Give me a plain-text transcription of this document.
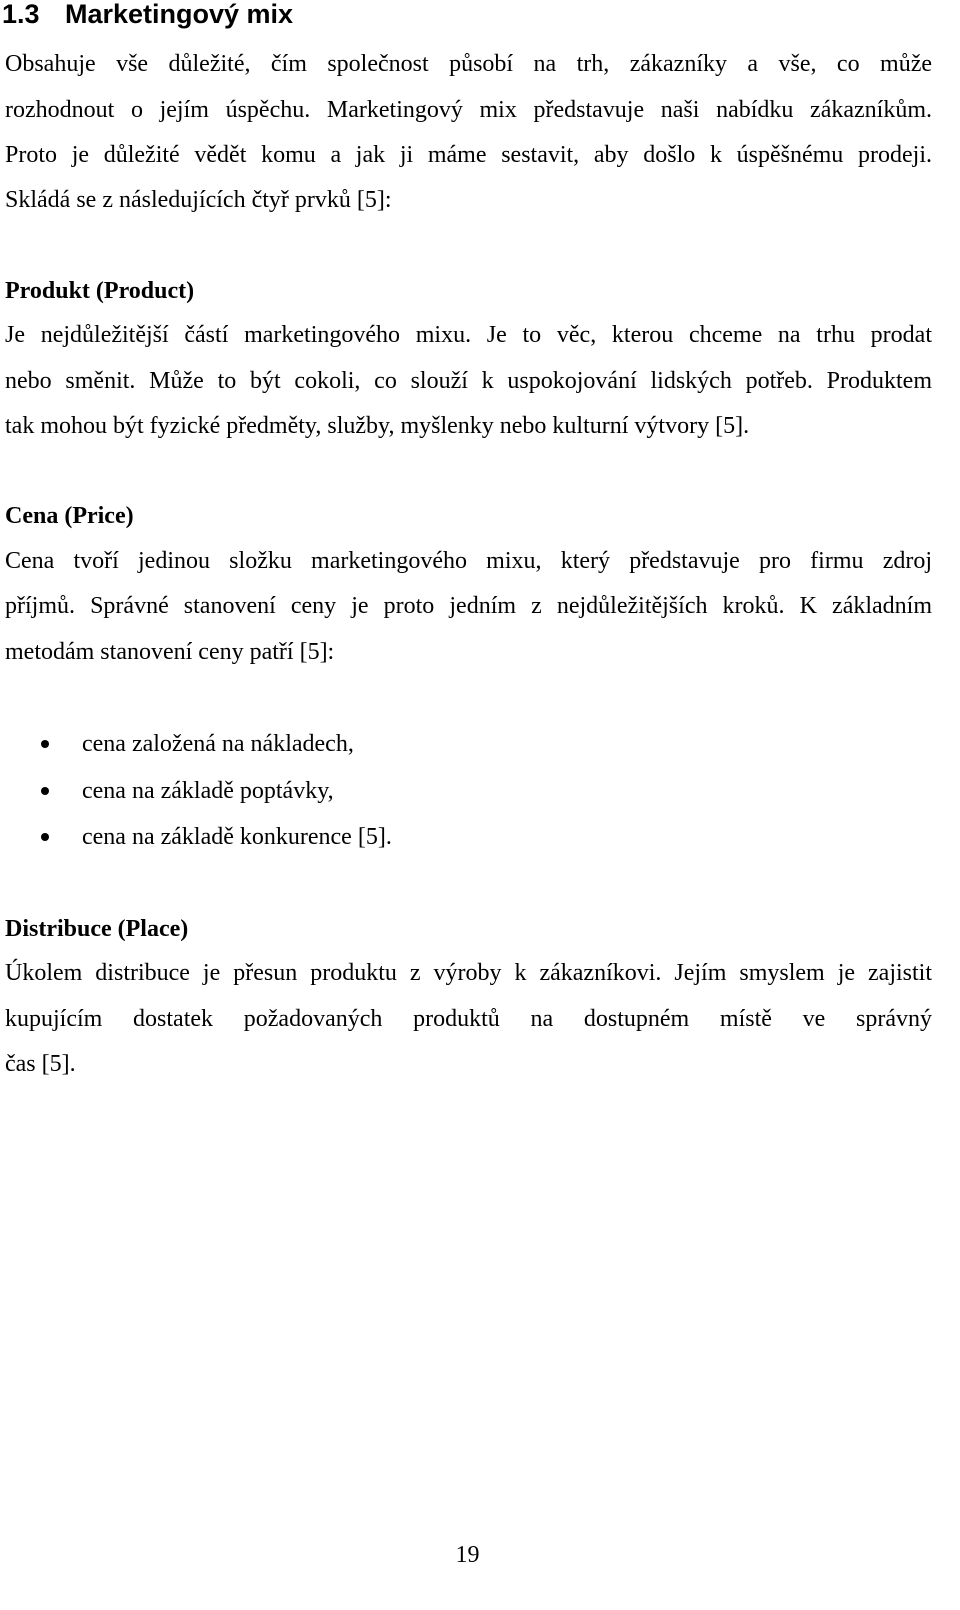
1.3 Marketingový mix

Obsahuje vše důležité, čím společnost působí na trh, zákazníky a vše, co může

rozhodnout o jejím úspěchu. Marketingový mix představuje naši nabídku zákazníkům.

Proto je důležité vědět komu a jak ji máme sestavit, aby došlo k úspěšnému prodeji.

Skládá se z následujících čtyř prvků [5]:

Produkt (Product)

Je nejdůležitější částí marketingového mixu. Je to věc, kterou chceme na trhu prodat

nebo směnit. Může to být cokoli, co slouží k uspokojování lidských potřeb. Produktem

tak mohou být fyzické předměty, služby, myšlenky nebo kulturní výtvory [5].

Cena (Price)

Cena tvoří jedinou složku marketingového mixu, který představuje pro firmu zdroj

příjmů. Správné stanovení ceny je proto jedním z nejdůležitějších kroků. K základním

metodám stanovení ceny patří [5]:

cena založená na nákladech,
cena na základě poptávky,
cena na základě konkurence [5].
Distribuce (Place)

Úkolem distribuce je přesun produktu z výroby k zákazníkovi. Jejím smyslem je zajistit

kupujícím dostatek požadovaných produktů na dostupném místě ve správný

čas [5].

19
